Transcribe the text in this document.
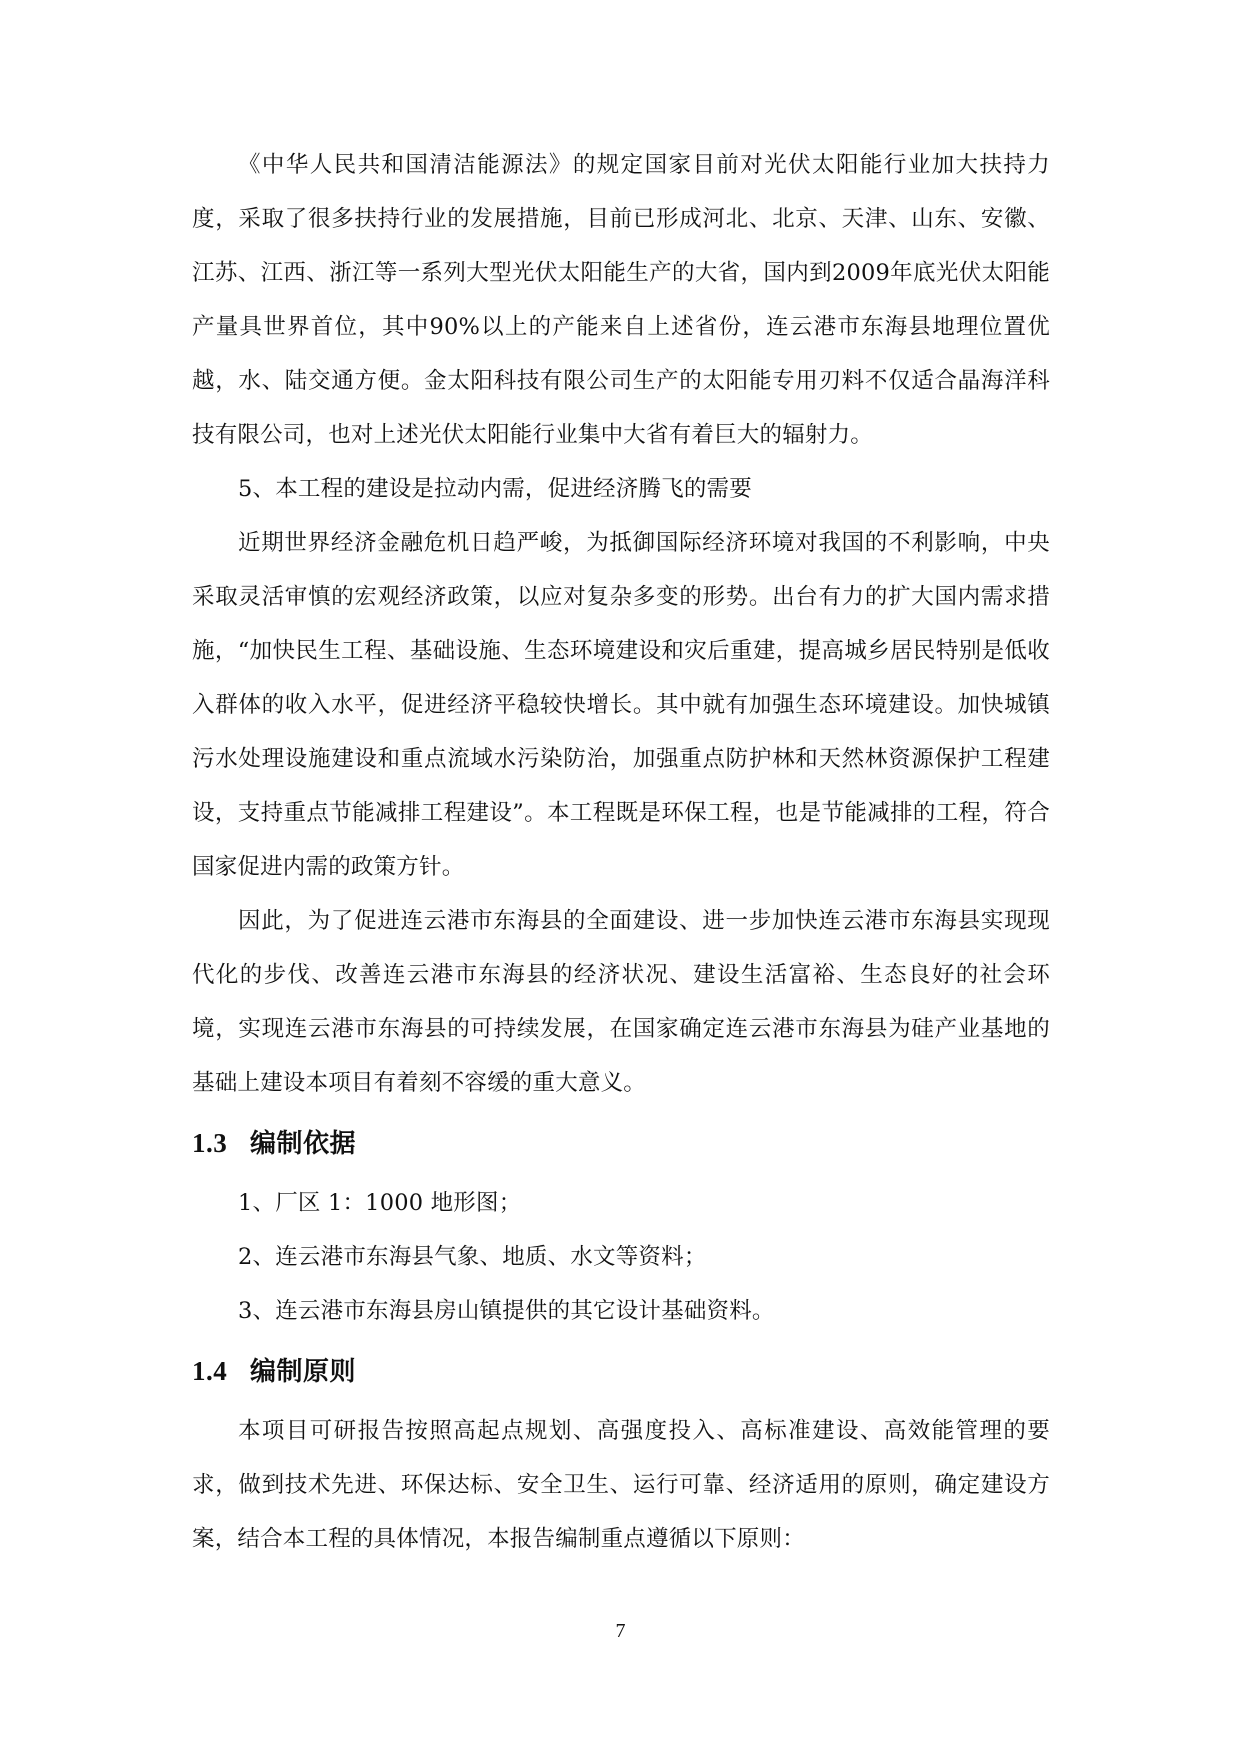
《中华人民共和国清洁能源法》的规定国家目前对光伏太阳能行业加大扶持力度，采取了很多扶持行业的发展措施，目前已形成河北、北京、天津、山东、安徽、江苏、江西、浙江等一系列大型光伏太阳能生产的大省，国内到2009年底光伏太阳能产量具世界首位，其中90%以上的产能来自上述省份，连云港市东海县地理位置优越，水、陆交通方便。金太阳科技有限公司生产的太阳能专用刃料不仅适合晶海洋科技有限公司，也对上述光伏太阳能行业集中大省有着巨大的辐射力。

5、本工程的建设是拉动内需，促进经济腾飞的需要

近期世界经济金融危机日趋严峻，为抵御国际经济环境对我国的不利影响，中央采取灵活审慎的宏观经济政策，以应对复杂多变的形势。出台有力的扩大国内需求措施，“加快民生工程、基础设施、生态环境建设和灾后重建，提高城乡居民特别是低收入群体的收入水平，促进经济平稳较快增长。其中就有加强生态环境建设。加快城镇污水处理设施建设和重点流域水污染防治，加强重点防护林和天然林资源保护工程建设，支持重点节能减排工程建设”。本工程既是环保工程，也是节能减排的工程，符合国家促进内需的政策方针。

因此，为了促进连云港市东海县的全面建设、进一步加快连云港市东海县实现现代化的步伐、改善连云港市东海县的经济状况、建设生活富裕、生态良好的社会环境，实现连云港市东海县的可持续发展，在国家确定连云港市东海县为硅产业基地的基础上建设本项目有着刻不容缓的重大意义。

1.3 编制依据

1、厂区 1：1000 地形图；

2、连云港市东海县气象、地质、水文等资料；

3、连云港市东海县房山镇提供的其它设计基础资料。

1.4 编制原则

本项目可研报告按照高起点规划、高强度投入、高标准建设、高效能管理的要求，做到技术先进、环保达标、安全卫生、运行可靠、经济适用的原则，确定建设方案，结合本工程的具体情况，本报告编制重点遵循以下原则：

7
